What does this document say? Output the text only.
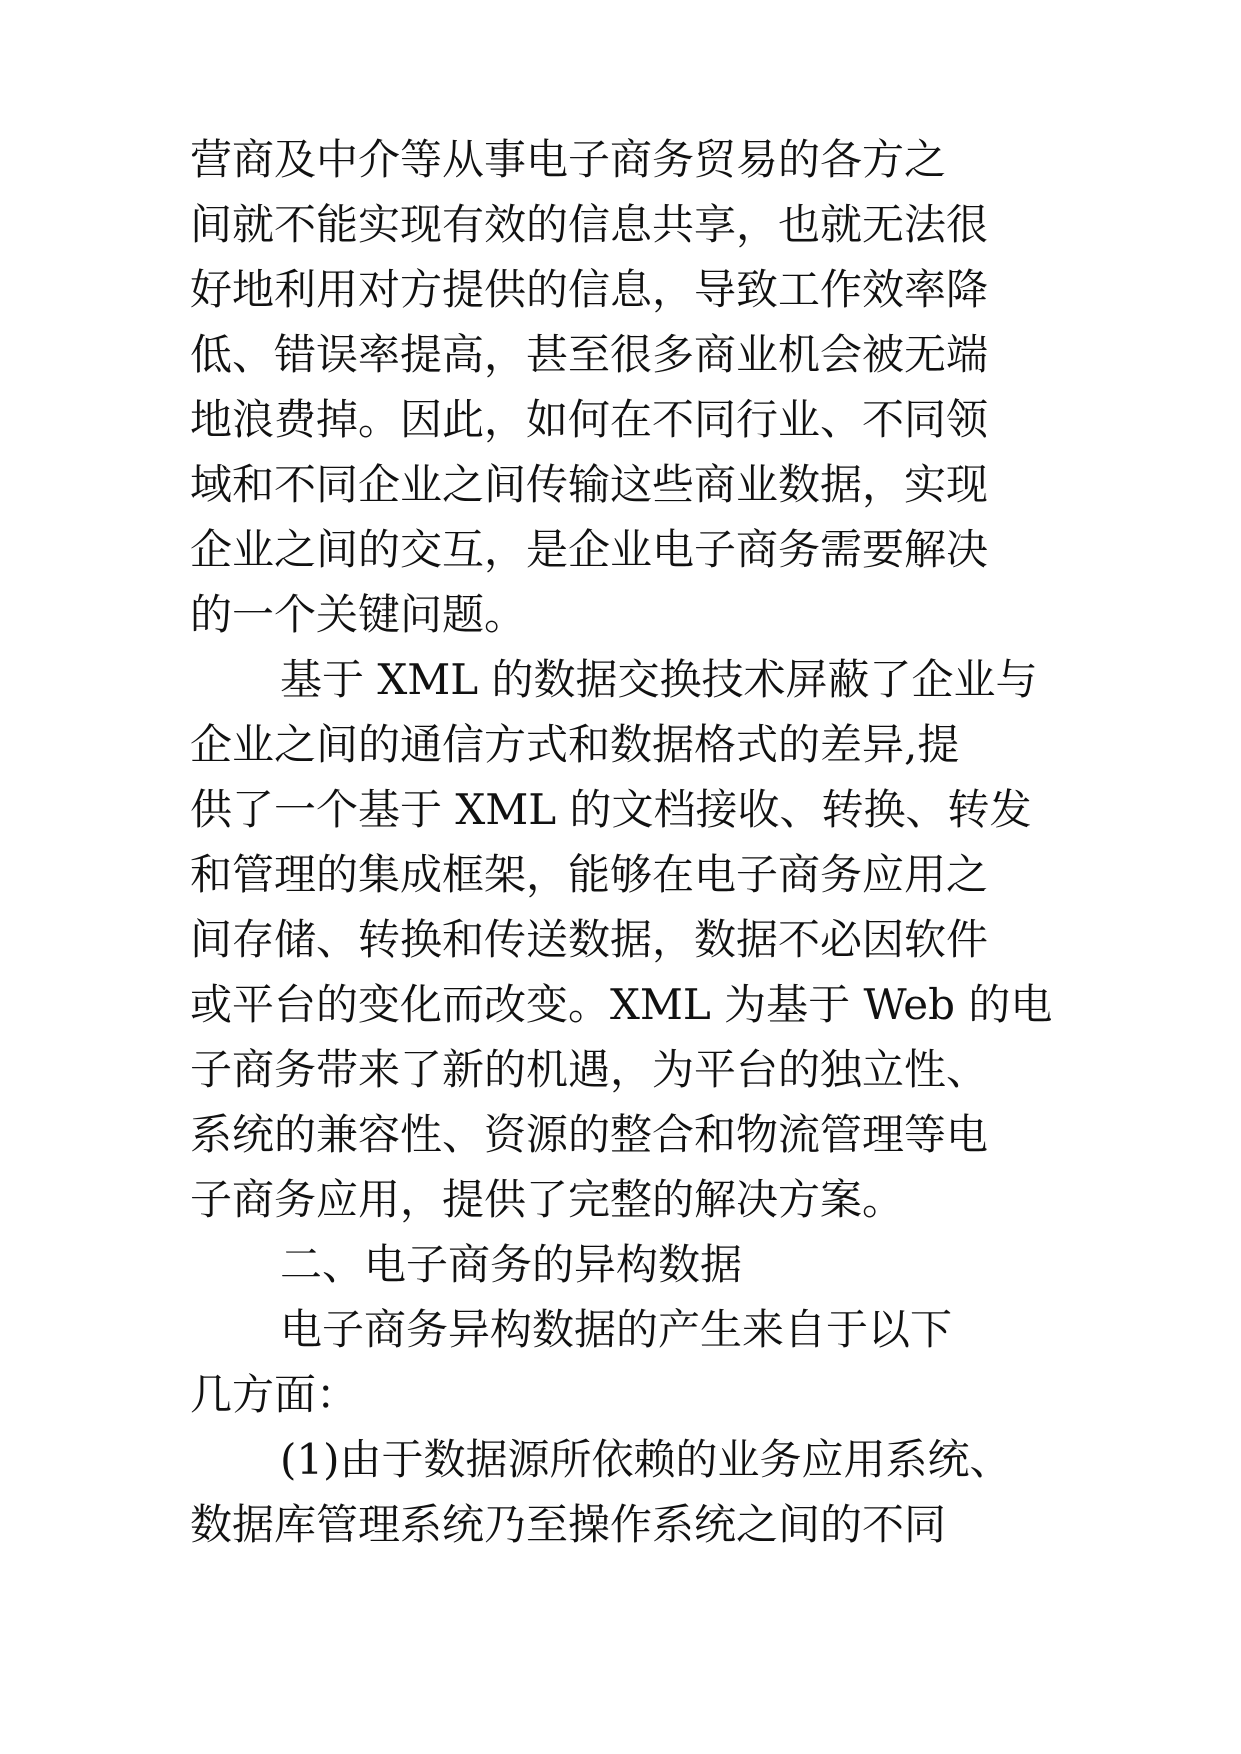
营商及中介等从事电子商务贸易的各方之
间就不能实现有效的信息共享，也就无法很
好地利用对方提供的信息，导致工作效率降
低、错误率提高，甚至很多商业机会被无端
地浪费掉。因此，如何在不同行业、不同领
域和不同企业之间传输这些商业数据，实现
企业之间的交互，是企业电子商务需要解决
的一个关键问题。
基于 XML 的数据交换技术屏蔽了企业与
企业之间的通信方式和数据格式的差异,提
供了一个基于 XML 的文档接收、转换、转发
和管理的集成框架，能够在电子商务应用之
间存储、转换和传送数据，数据不必因软件
或平台的变化而改变。XML 为基于 Web 的电
子商务带来了新的机遇，为平台的独立性、
系统的兼容性、资源的整合和物流管理等电
子商务应用，提供了完整的解决方案。
二、电子商务的异构数据
电子商务异构数据的产生来自于以下
几方面：
(1)由于数据源所依赖的业务应用系统、
数据库管理系统乃至操作系统之间的不同
